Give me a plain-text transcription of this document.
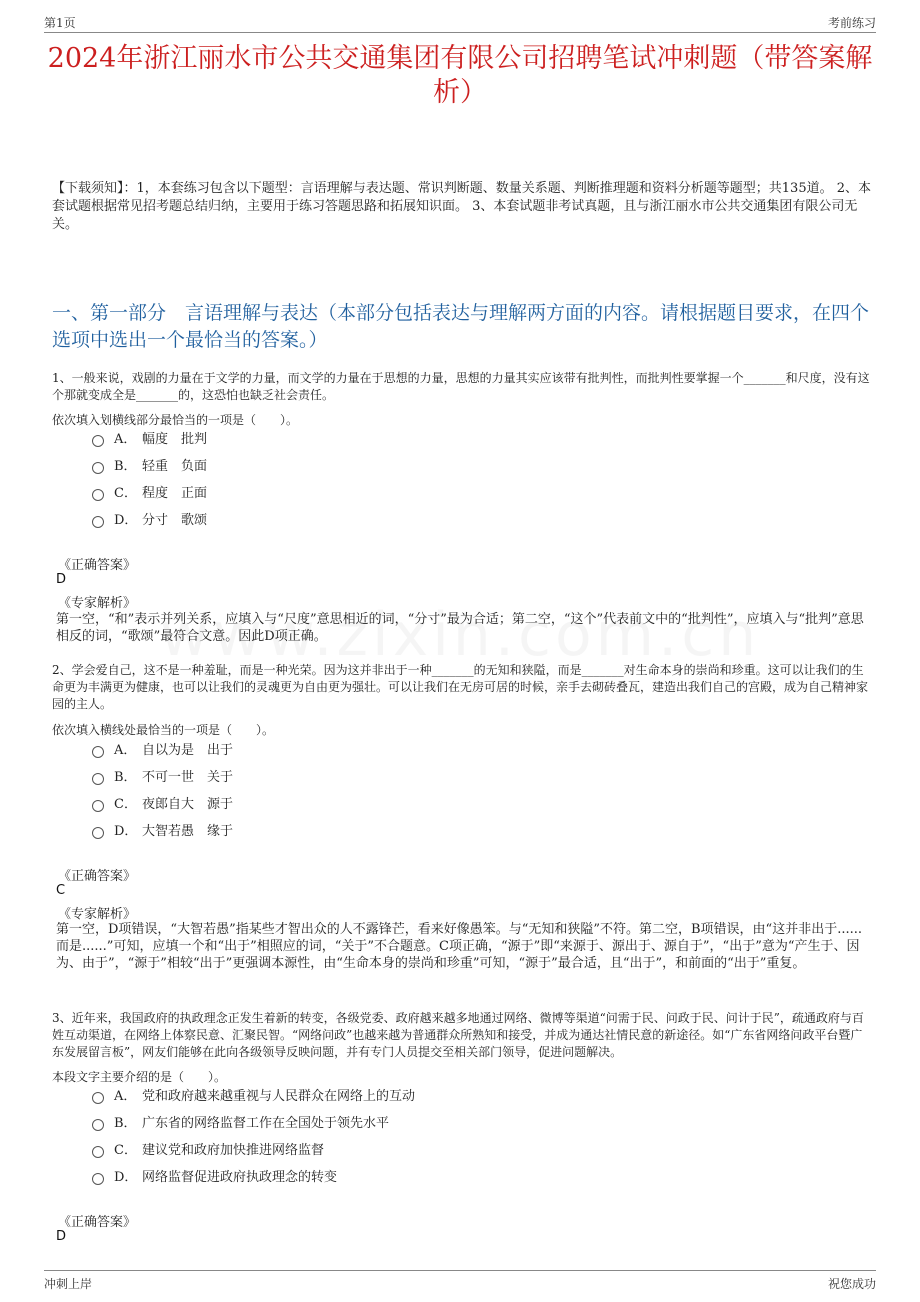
第1页	考前练习
2024年浙江丽水市公共交通集团有限公司招聘笔试冲刺题（带答案解析）
【下载须知】：1，本套练习包含以下题型：言语理解与表达题、常识判断题、数量关系题、判断推理题和资料分析题等题型；共135道。 2、本套试题根据常见招考题总结归纳，主要用于练习答题思路和拓展知识面。 3、本套试题非考试真题，且与浙江丽水市公共交通集团有限公司无关。
一、第一部分　言语理解与表达（本部分包括表达与理解两方面的内容。请根据题目要求，在四个选项中选出一个最恰当的答案。）
1、一般来说，戏剧的力量在于文学的力量，而文学的力量在于思想的力量，思想的力量其实应该带有批判性，而批判性要掌握一个_______和尺度，没有这个那就变成全是_______的，这恐怕也缺乏社会责任。
依次填入划横线部分最恰当的一项是（　　）。
A． 幅度　批判
B． 轻重　负面
C． 程度　正面
D． 分寸　歌颂
《正确答案》
D
《专家解析》
第一空，“和”表示并列关系，应填入与“尺度”意思相近的词，“分寸”最为合适；第二空，“这个”代表前文中的“批判性”，应填入与“批判”意思相反的词，“歌颂”最符合文意。因此D项正确。
2、学会爱自己，这不是一种羞耻，而是一种光荣。因为这并非出于一种_______的无知和狭隘，而是_______对生命本身的崇尚和珍重。这可以让我们的生命更为丰满更为健康，也可以让我们的灵魂更为自由更为强壮。可以让我们在无房可居的时候，亲手去砌砖叠瓦，建造出我们自己的宫殿，成为自己精神家园的主人。
依次填入横线处最恰当的一项是（　　）。
A． 自以为是　出于
B． 不可一世　关于
C． 夜郎自大　源于
D． 大智若愚　缘于
《正确答案》
C
《专家解析》
第一空，D项错误，“大智若愚”指某些才智出众的人不露锋芒，看来好像愚笨。与“无知和狭隘”不符。第二空，B项错误，由“这并非出于......而是......”可知，应填一个和“出于”相照应的词，“关于”不合题意。C项正确，“源于”即“来源于、源出于、源自于”，“出于”意为“产生于、因为、由于”，“源于”相较“出于”更强调本源性，由“生命本身的崇尚和珍重”可知，“源于”最合适，且“出于”，和前面的“出于”重复。
3、近年来，我国政府的执政理念正发生着新的转变，各级党委、政府越来越多地通过网络、微博等渠道“问需于民、问政于民、问计于民”，疏通政府与百姓互动渠道，在网络上体察民意、汇聚民智。“网络问政”也越来越为普通群众所熟知和接受，并成为通达社情民意的新途径。如“广东省网络问政平台暨广东发展留言板”，网友们能够在此向各级领导反映问题，并有专门人员提交至相关部门领导，促进问题解决。
本段文字主要介绍的是（　　）。
A． 党和政府越来越重视与人民群众在网络上的互动
B． 广东省的网络监督工作在全国处于领先水平
C． 建议党和政府加快推进网络监督
D． 网络监督促进政府执政理念的转变
《正确答案》
D
冲刺上岸	祝您成功
